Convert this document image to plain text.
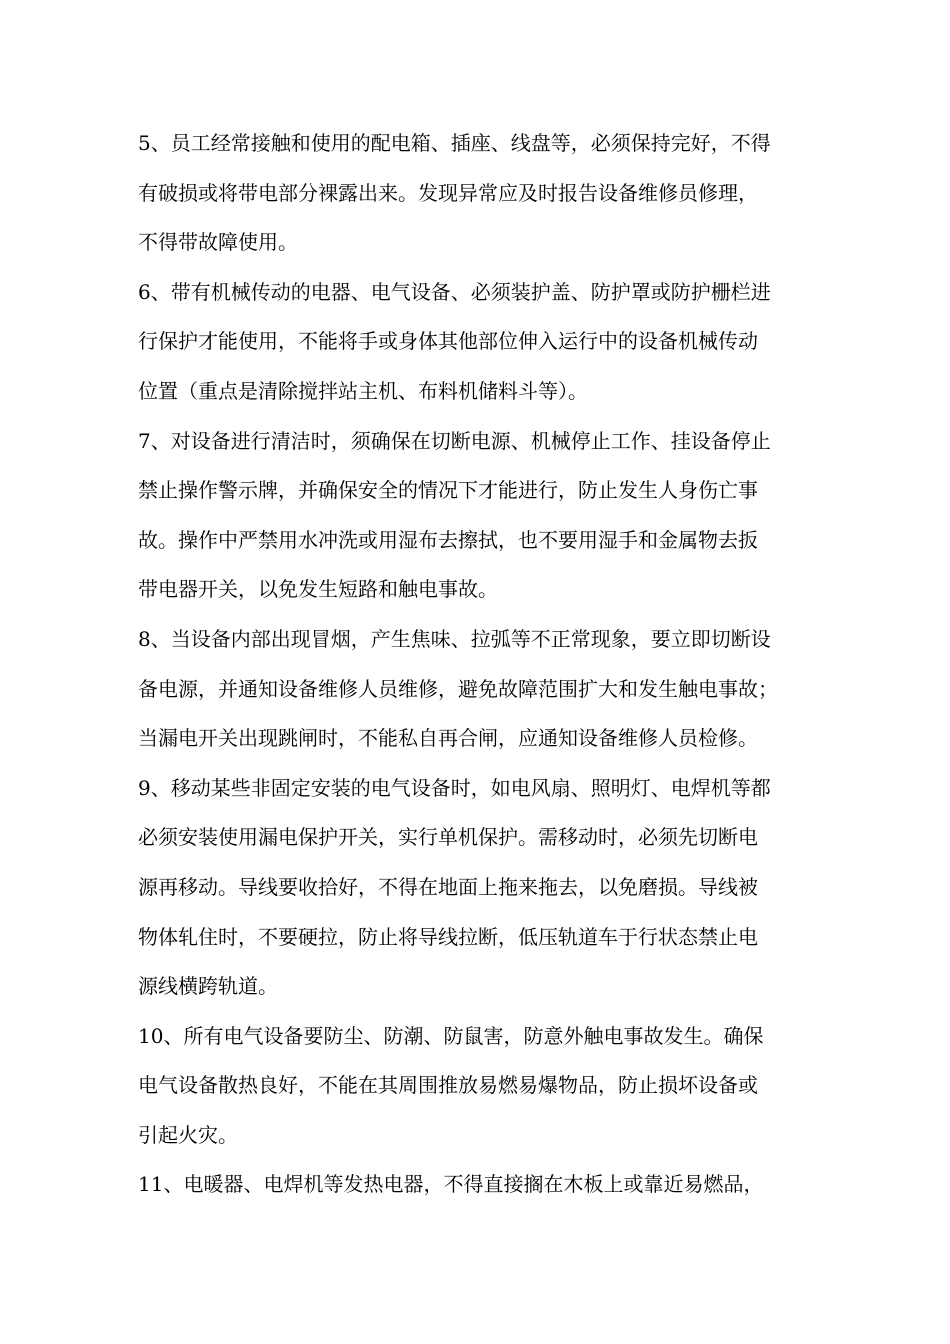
5、员工经常接触和使用的配电箱、插座、线盘等，必须保持完好，不得
有破损或将带电部分裸露出来。发现异常应及时报告设备维修员修理，
不得带故障使用。
6、带有机械传动的电器、电气设备、必须装护盖、防护罩或防护栅栏进
行保护才能使用，不能将手或身体其他部位伸入运行中的设备机械传动
位置（重点是清除搅拌站主机、布料机储料斗等）。
7、对设备进行清洁时，须确保在切断电源、机械停止工作、挂设备停止
禁止操作警示牌，并确保安全的情况下才能进行，防止发生人身伤亡事
故。操作中严禁用水冲洗或用湿布去擦拭，也不要用湿手和金属物去扳
带电器开关，以免发生短路和触电事故。
8、当设备内部出现冒烟，产生焦味、拉弧等不正常现象，要立即切断设
备电源，并通知设备维修人员维修，避免故障范围扩大和发生触电事故；
当漏电开关出现跳闸时，不能私自再合闸，应通知设备维修人员检修。
9、移动某些非固定安装的电气设备时，如电风扇、照明灯、电焊机等都
必须安装使用漏电保护开关，实行单机保护。需移动时，必须先切断电
源再移动。导线要收拾好，不得在地面上拖来拖去，以免磨损。导线被
物体轧住时，不要硬拉，防止将导线拉断，低压轨道车于行状态禁止电
源线横跨轨道。
10、所有电气设备要防尘、防潮、防鼠害，防意外触电事故发生。确保
电气设备散热良好，不能在其周围推放易燃易爆物品，防止损坏设备或
引起火灾。
11、电暖器、电焊机等发热电器，不得直接搁在木板上或靠近易燃品，
